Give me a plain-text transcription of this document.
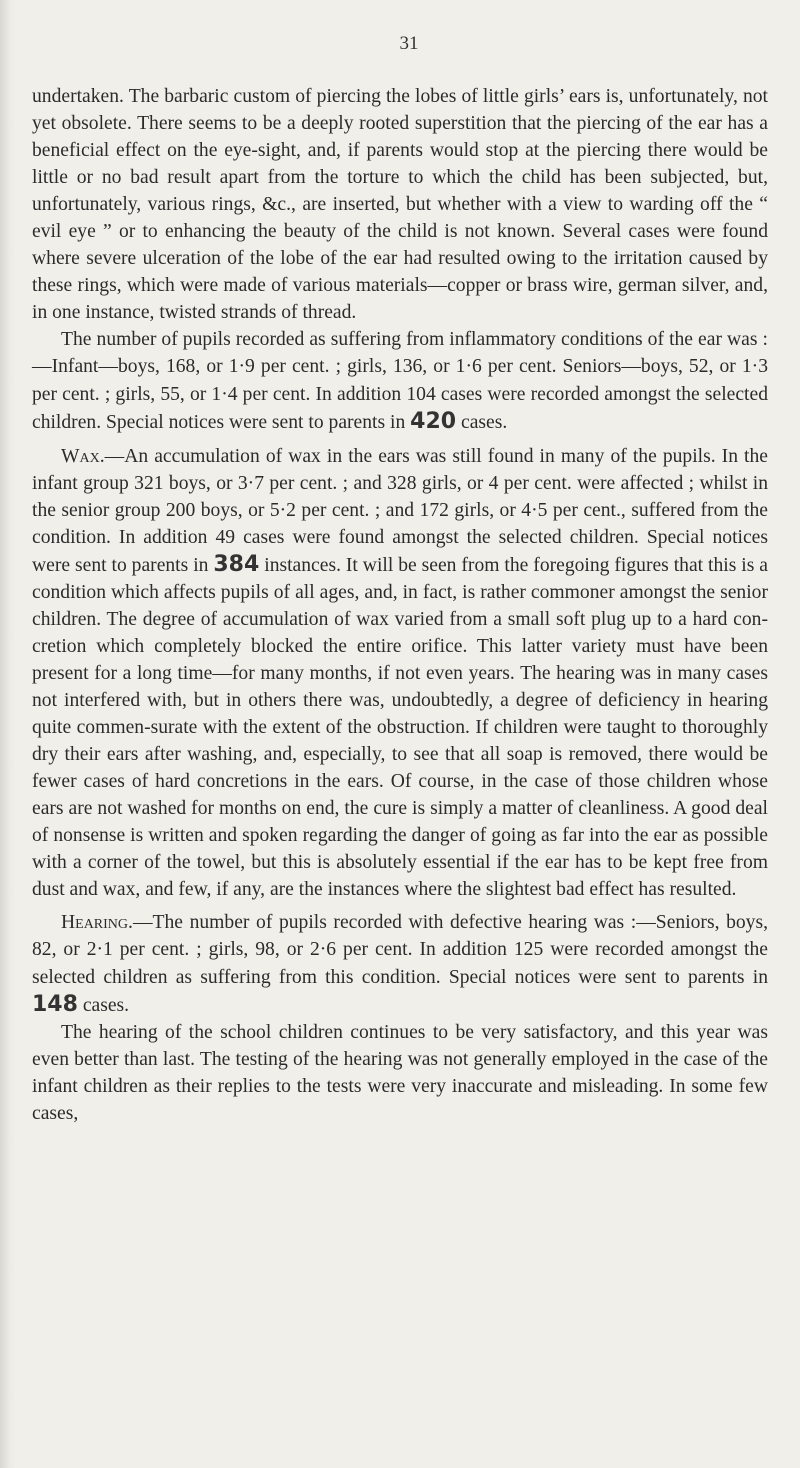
31

undertaken. The barbaric custom of piercing the lobes of little girls’ ears is, unfortunately, not yet obsolete. There seems to be a deeply rooted superstition that the piercing of the ear has a beneficial effect on the eye-sight, and, if parents would stop at the piercing there would be little or no bad result apart from the torture to which the child has been subjected, but, unfortunately, various rings, &c., are inserted, but whether with a view to warding off the “ evil eye ” or to enhancing the beauty of the child is not known. Several cases were found where severe ulceration of the lobe of the ear had resulted owing to the irritation caused by these rings, which were made of various materials—copper or brass wire, german silver, and, in one instance, twisted strands of thread.

The number of pupils recorded as suffering from inflammatory conditions of the ear was :—Infant—boys, 168, or 1·9 per cent. ; girls, 136, or 1·6 per cent. Seniors—boys, 52, or 1·3 per cent. ; girls, 55, or 1·4 per cent. In addition 104 cases were recorded amongst the selected children. Special notices were sent to parents in 420 cases.

Wax.—An accumulation of wax in the ears was still found in many of the pupils. In the infant group 321 boys, or 3·7 per cent. ; and 328 girls, or 4 per cent. were affected ; whilst in the senior group 200 boys, or 5·2 per cent. ; and 172 girls, or 4·5 per cent., suffered from the condition. In addition 49 cases were found amongst the selected children. Special notices were sent to parents in 384 instances. It will be seen from the foregoing figures that this is a condition which affects pupils of all ages, and, in fact, is rather commoner amongst the senior children. The degree of accumulation of wax varied from a small soft plug up to a hard con-cretion which completely blocked the entire orifice. This latter variety must have been present for a long time—for many months, if not even years. The hearing was in many cases not interfered with, but in others there was, undoubtedly, a degree of deficiency in hearing quite commen-surate with the extent of the obstruction. If children were taught to thoroughly dry their ears after washing, and, especially, to see that all soap is removed, there would be fewer cases of hard concretions in the ears. Of course, in the case of those children whose ears are not washed for months on end, the cure is simply a matter of cleanliness. A good deal of nonsense is written and spoken regarding the danger of going as far into the ear as possible with a corner of the towel, but this is absolutely essential if the ear has to be kept free from dust and wax, and few, if any, are the instances where the slightest bad effect has resulted.

Hearing.—The number of pupils recorded with defective hearing was :—Seniors, boys, 82, or 2·1 per cent. ; girls, 98, or 2·6 per cent. In addition 125 were recorded amongst the selected children as suffering from this condition. Special notices were sent to parents in 148 cases.

The hearing of the school children continues to be very satisfactory, and this year was even better than last. The testing of the hearing was not generally employed in the case of the infant children as their replies to the tests were very inaccurate and misleading. In some few cases,
